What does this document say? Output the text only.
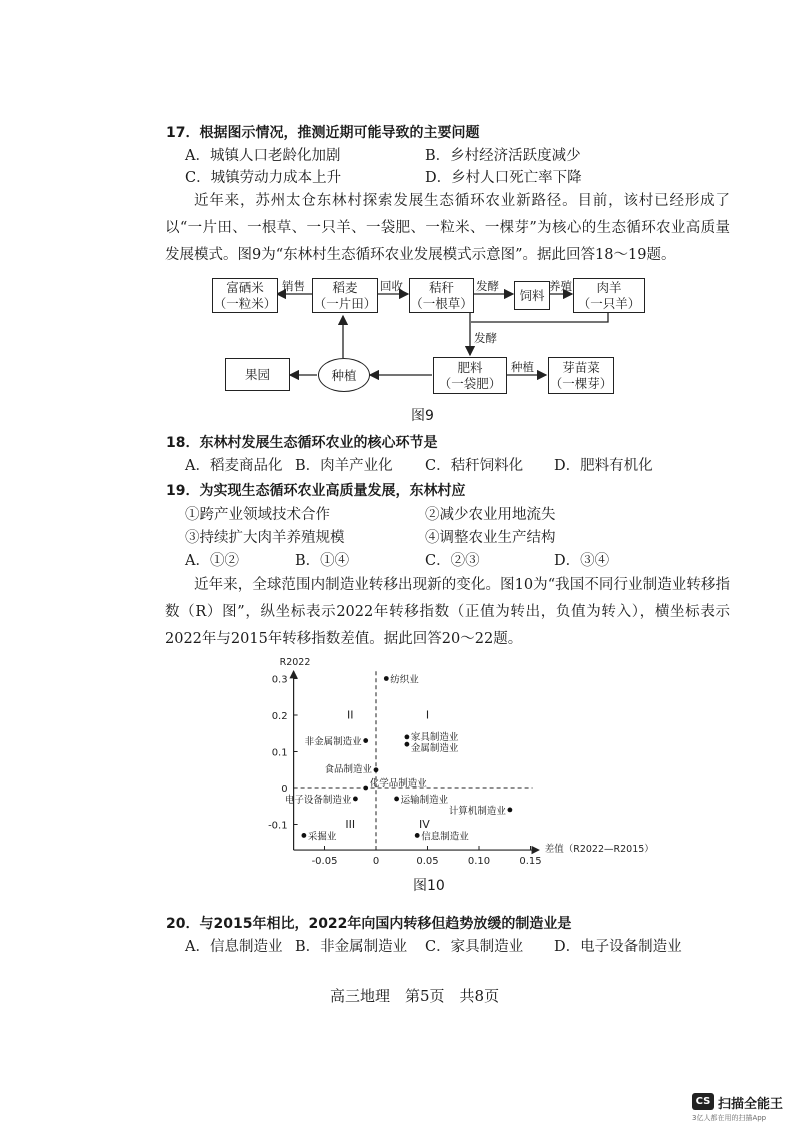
17．根据图示情况，推测近期可能导致的主要问题
A．城镇人口老龄化加剧	B．乡村经济活跃度减少
C．城镇劳动力成本上升	D．乡村人口死亡率下降
近年来，苏州太仓东林村探索发展生态循环农业新路径。目前，该村已经形成了以“一片田、一根草、一只羊、一袋肥、一粒米、一棵芽”为核心的生态循环农业高质量发展模式。图9为“东林村生态循环农业发展模式示意图”。据此回答18～19题。
富硒米
（一粒米）
稻麦
（一片田）
秸秆
（一根草）
饲料
肉羊
（一只羊）
果园	种植
肥料
（一袋肥）
芽苗菜
（一棵芽）
销售	回收	发酵	养殖
发酵
种植
图9
18．东林村发展生态循环农业的核心环节是
A．稻麦商品化 B．肉羊产业化 C．秸秆饲料化 D．肥料有机化
19．为实现生态循环农业高质量发展，东林村应
①跨产业领域技术合作	②减少农业用地流失
③持续扩大肉羊养殖规模	④调整农业生产结构
A．①②	B．①④	C．②③	D．③④
近年来，全球范围内制造业转移出现新的变化。图10为“我国不同行业制造业转移指数（R）图”，纵坐标表示2022年转移指数（正值为转出，负值为转入），横坐标表示2022年与2015年转移指数差值。据此回答20～22题。
0.3
0.2
0.1
0
-0.1
-0.05	0	0.05	0.10	0.15
R2022
差值（R2022—R2015）
I
II
III	IV
纺织业
非金属制造业	家具制造业
金属制造业
食品制造业
化学品制造业
电子设备制造业	运输制造业
计算机制造业
采掘业	信息制造业
图10
20．与2015年相比，2022年向国内转移但趋势放缓的制造业是
A．信息制造业 B．非金属制造业 C．家具制造业 D．电子设备制造业
高三地理　第5页　共8页
CS 扫描全能王
3亿人都在用的扫描App
